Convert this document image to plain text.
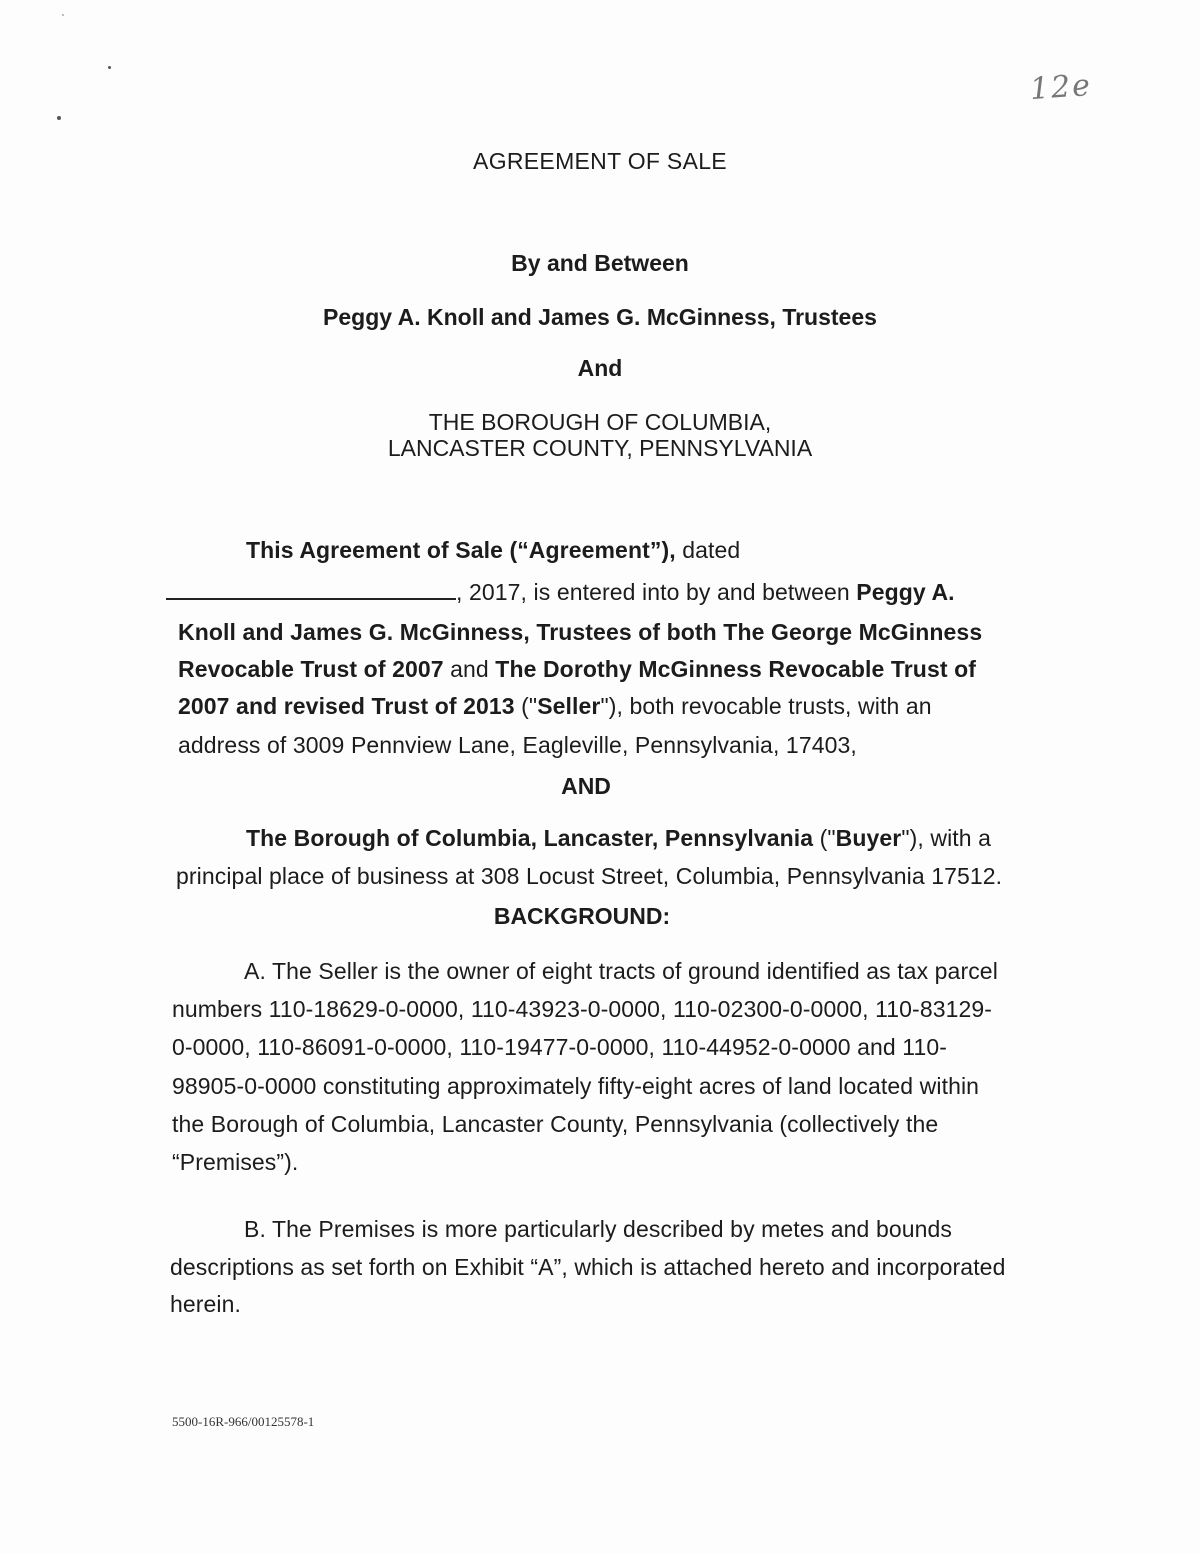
12e
AGREEMENT OF SALE
By and Between
Peggy A. Knoll and James G. McGinness, Trustees
And
THE BOROUGH OF COLUMBIA,
LANCASTER COUNTY, PENNSYLVANIA
This Agreement of Sale (“Agreement”), dated
, 2017, is entered into by and between Peggy A.
Knoll and James G. McGinness, Trustees of both The George McGinness
Revocable Trust of 2007 and The Dorothy McGinness Revocable Trust of
2007 and revised Trust of 2013 ("Seller"), both revocable trusts, with an
address of 3009 Pennview Lane, Eagleville, Pennsylvania, 17403,
AND
The Borough of Columbia, Lancaster, Pennsylvania ("Buyer"), with a
principal place of business at 308 Locust Street, Columbia, Pennsylvania 17512.
BACKGROUND:
A. The Seller is the owner of eight tracts of ground identified as tax parcel
numbers 110-18629-0-0000, 110-43923-0-0000, 110-02300-0-0000, 110-83129-
0-0000, 110-86091-0-0000, 110-19477-0-0000, 110-44952-0-0000 and 110-
98905-0-0000 constituting approximately fifty-eight acres of land located within
the Borough of Columbia, Lancaster County, Pennsylvania (collectively the
“Premises”).
B. The Premises is more particularly described by metes and bounds
descriptions as set forth on Exhibit “A”, which is attached hereto and incorporated
herein.
5500-16R-966/00125578-1
